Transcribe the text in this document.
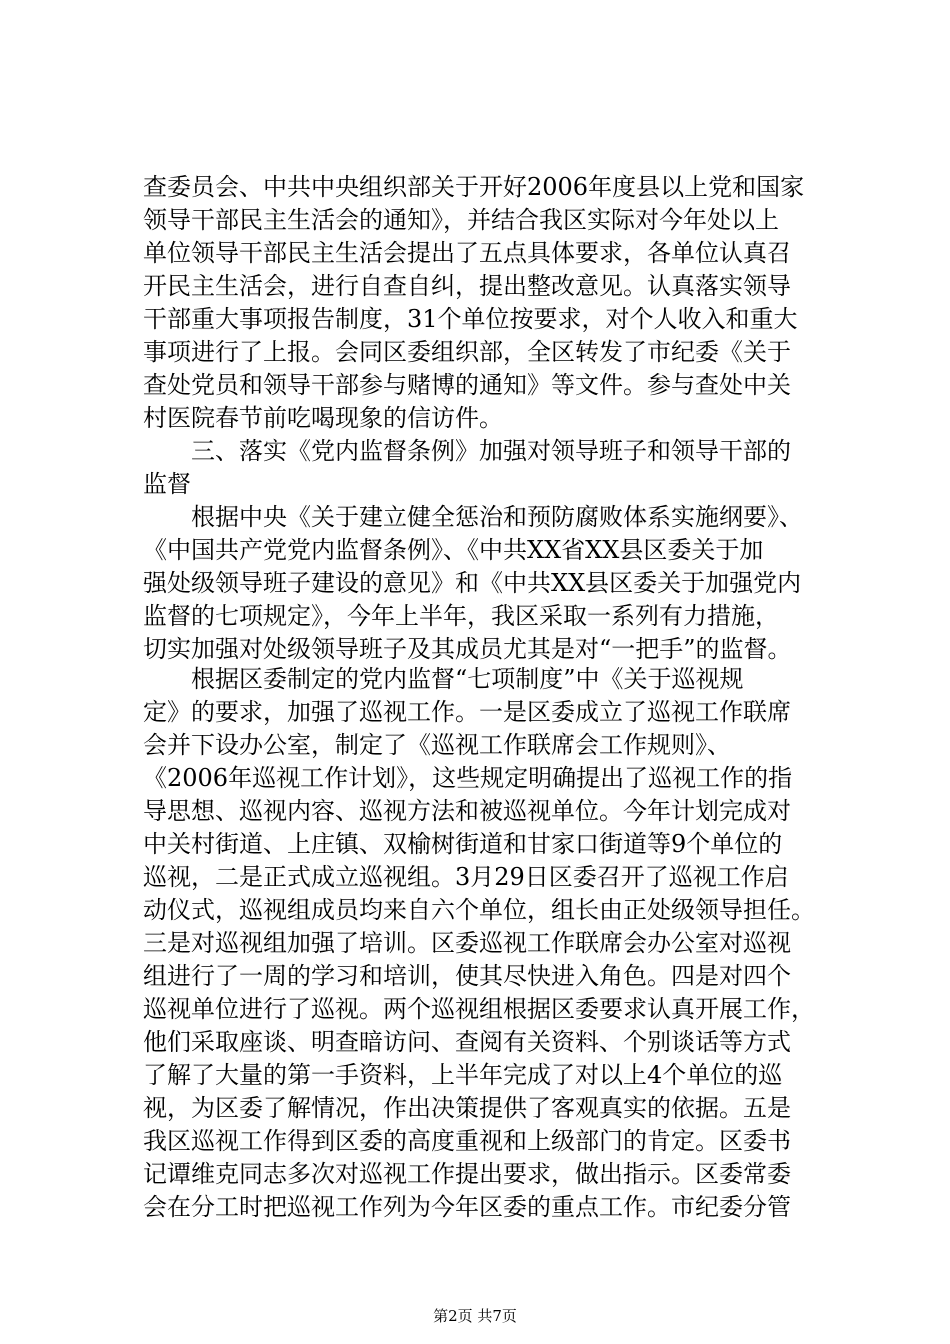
查委员会、中共中央组织部关于开好2006年度县以上党和国家
领导干部民主生活会的通知》，并结合我区实际对今年处以上
单位领导干部民主生活会提出了五点具体要求，各单位认真召
开民主生活会，进行自查自纠，提出整改意见。认真落实领导
干部重大事项报告制度，31个单位按要求，对个人收入和重大
事项进行了上报。会同区委组织部，全区转发了市纪委《关于
查处党员和领导干部参与赌博的通知》等文件。参与查处中关
村医院春节前吃喝现象的信访件。
　　三、落实《党内监督条例》加强对领导班子和领导干部的
监督
　　根据中央《关于建立健全惩治和预防腐败体系实施纲要》、
《中国共产党党内监督条例》、《中共XX省XX县区委关于加
强处级领导班子建设的意见》和《中共XX县区委关于加强党内
监督的七项规定》，今年上半年，我区采取一系列有力措施，
切实加强对处级领导班子及其成员尤其是对“一把手”的监督。
　　根据区委制定的党内监督“七项制度”中《关于巡视规
定》的要求，加强了巡视工作。一是区委成立了巡视工作联席
会并下设办公室，制定了《巡视工作联席会工作规则》、
《2006年巡视工作计划》，这些规定明确提出了巡视工作的指
导思想、巡视内容、巡视方法和被巡视单位。今年计划完成对
中关村街道、上庄镇、双榆树街道和甘家口街道等9个单位的
巡视，二是正式成立巡视组。3月29日区委召开了巡视工作启
动仪式，巡视组成员均来自六个单位，组长由正处级领导担任。
三是对巡视组加强了培训。区委巡视工作联席会办公室对巡视
组进行了一周的学习和培训，使其尽快进入角色。四是对四个
巡视单位进行了巡视。两个巡视组根据区委要求认真开展工作，
他们采取座谈、明查暗访问、查阅有关资料、个别谈话等方式
了解了大量的第一手资料，上半年完成了对以上4个单位的巡
视，为区委了解情况，作出决策提供了客观真实的依据。五是
我区巡视工作得到区委的高度重视和上级部门的肯定。区委书
记谭维克同志多次对巡视工作提出要求，做出指示。区委常委
会在分工时把巡视工作列为今年区委的重点工作。市纪委分管
第2页 共7页
